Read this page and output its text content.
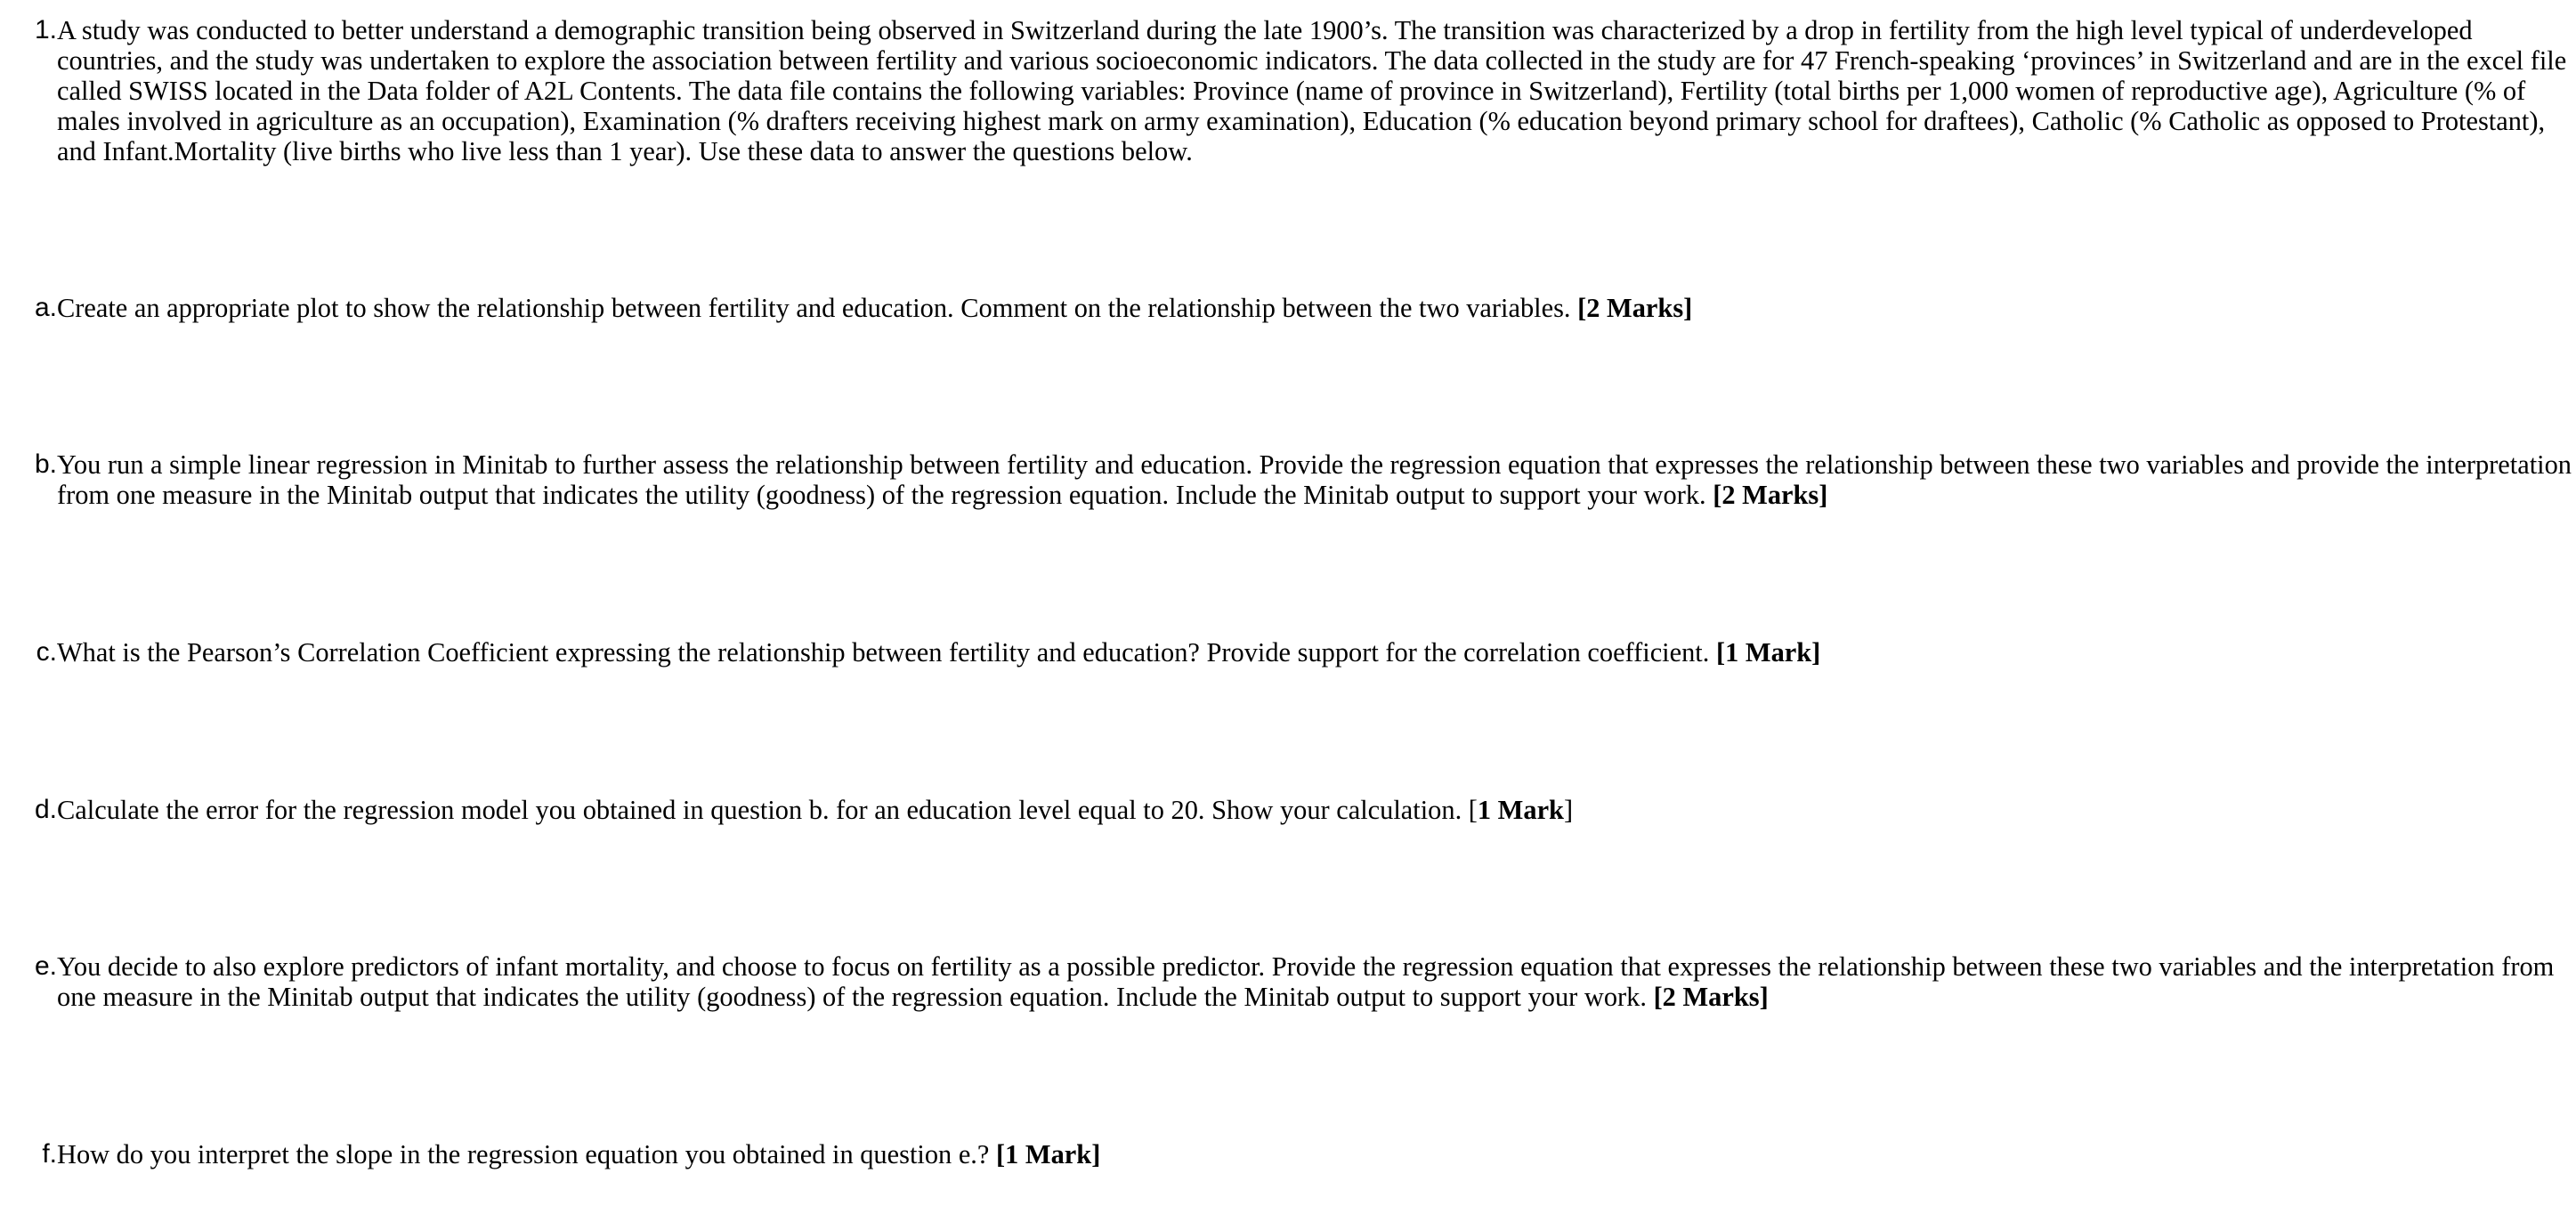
1. A study was conducted to better understand a demographic transition being observed in Switzerland during the late 1900’s. The transition was characterized by a drop in fertility from the high level typical of underdeveloped countries, and the study was undertaken to explore the association between fertility and various socioeconomic indicators. The data collected in the study are for 47 French-speaking ‘provinces’ in Switzerland and are in the excel file called SWISS located in the Data folder of A2L Contents. The data file contains the following variables: Province (name of province in Switzerland), Fertility (total births per 1,000 women of reproductive age), Agriculture (% of males involved in agriculture as an occupation), Examination (% drafters receiving highest mark on army examination), Education (% education beyond primary school for draftees), Catholic (% Catholic as opposed to Protestant), and Infant.Mortality (live births who live less than 1 year). Use these data to answer the questions below.
a. Create an appropriate plot to show the relationship between fertility and education. Comment on the relationship between the two variables. [2 Marks]
b. You run a simple linear regression in Minitab to further assess the relationship between fertility and education. Provide the regression equation that expresses the relationship between these two variables and provide the interpretation from one measure in the Minitab output that indicates the utility (goodness) of the regression equation. Include the Minitab output to support your work. [2 Marks]
c. What is the Pearson’s Correlation Coefficient expressing the relationship between fertility and education? Provide support for the correlation coefficient. [1 Mark]
d. Calculate the error for the regression model you obtained in question b. for an education level equal to 20. Show your calculation. [1 Mark]
e. You decide to also explore predictors of infant mortality, and choose to focus on fertility as a possible predictor. Provide the regression equation that expresses the relationship between these two variables and the interpretation from one measure in the Minitab output that indicates the utility (goodness) of the regression equation. Include the Minitab output to support your work. [2 Marks]
f. How do you interpret the slope in the regression equation you obtained in question e.? [1 Mark]
